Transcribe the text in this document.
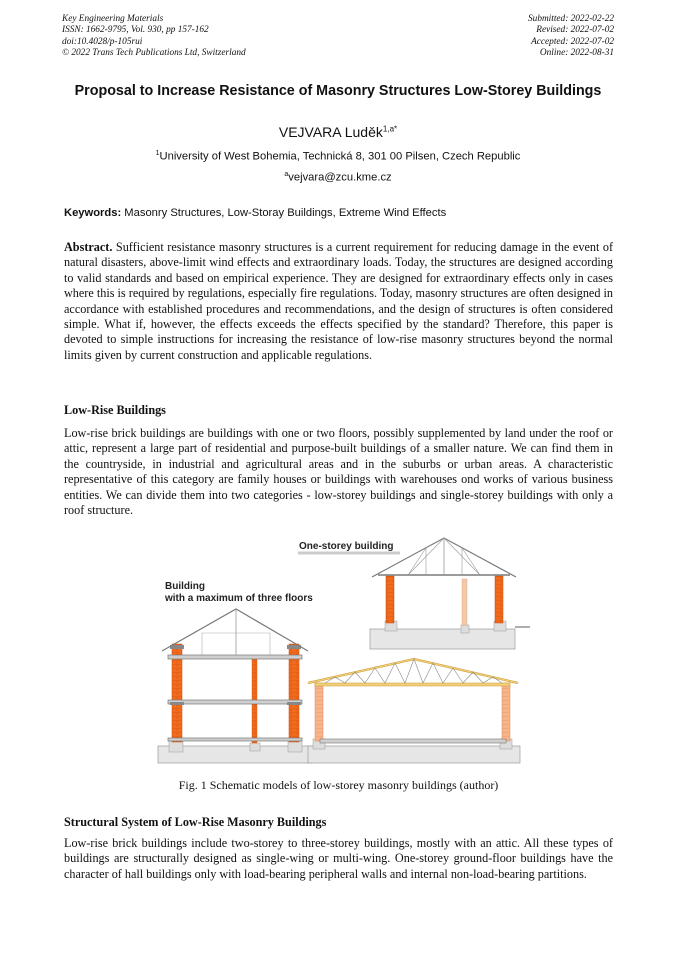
Key Engineering Materials
ISSN: 1662-9795, Vol. 930, pp 157-162
doi:10.4028/p-105rui
© 2022 Trans Tech Publications Ltd, Switzerland
Submitted: 2022-02-22
Revised: 2022-07-02
Accepted: 2022-07-02
Online: 2022-08-31
Proposal to Increase Resistance of Masonry Structures Low-Storey Buildings
VEJVARA Luděk$^{1,a*}$
$^1$University of West Bohemia, Technická 8, 301 00 Pilsen, Czech Republic
$^a$vejvara@zcu.kme.cz
Keywords: Masonry Structures, Low-Storay Buildings, Extreme Wind Effects
Abstract. Sufficient resistance masonry structures is a current requirement for reducing damage in the event of natural disasters, above-limit wind effects and extraordinary loads. Today, the structures are designed according to valid standards and based on empirical experience. They are designed for extraordinary effects only in cases where this is required by regulations, especially fire regulations. Today, masonry structures are often designed in accordance with established procedures and recommendations, and the design of structures is often considered simple. What if, however, the effects exceeds the effects specified by the standard? Therefore, this paper is devoted to simple instructions for increasing the resistance of low-rise masonry structures beyond the normal limits given by current construction and applicable regulations.
Low-Rise Buildings
Low-rise brick buildings are buildings with one or two floors, possibly supplemented by land under the roof or attic, represent a large part of residential and purpose-built buildings of a smaller nature. We can find them in the countryside, in industrial and agricultural areas and in the suburbs or urban areas. A characteristic representative of this category are family houses or buildings with warehouses ond works of various business entities. We can divide them into two categories - low-storey buildings and single-storey buildings with only a roof structure.
One-storey building
Building
with a maximum of three floors
Fig. 1 Schematic models of low-storey masonry buildings (author)
Structural System of Low-Rise Masonry Buildings
Low-rise brick buildings include two-storey to three-storey buildings, mostly with an attic. All these types of buildings are structurally designed as single-wing or multi-wing. One-storey ground-floor buildings have the character of hall buildings only with load-bearing peripheral walls and internal non-load-bearing partitions.
